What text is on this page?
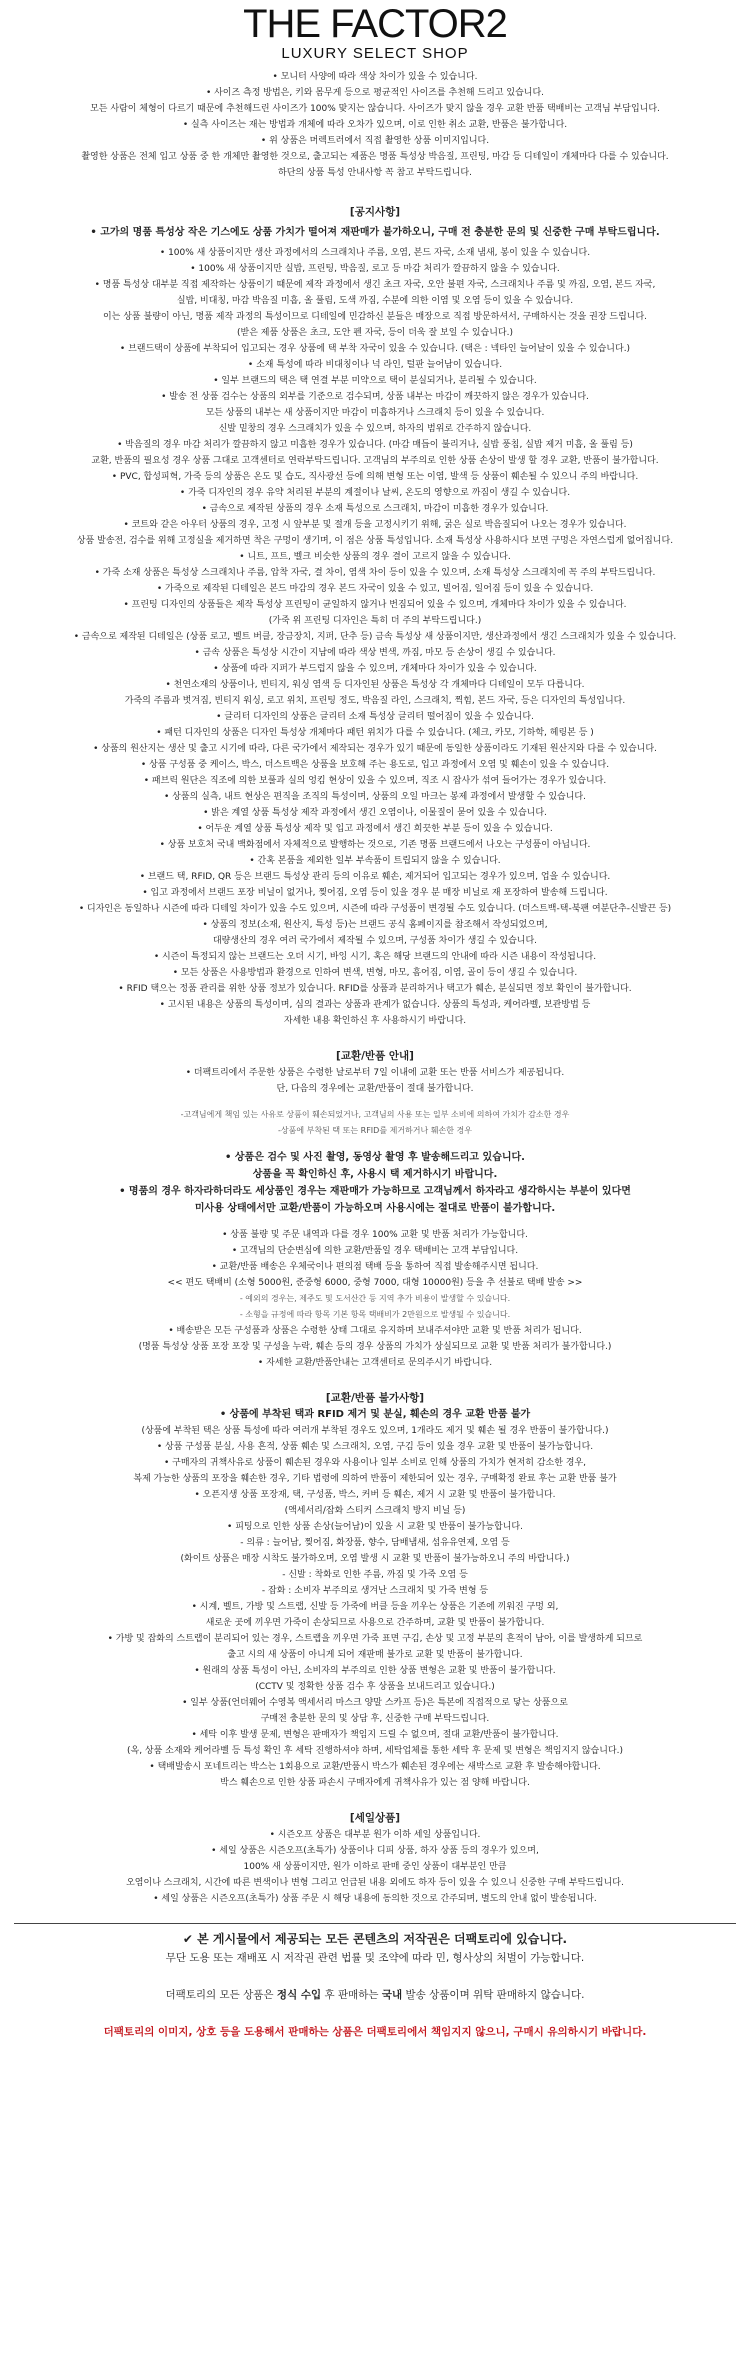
THE FACTOR2
LUXURY SELECT SHOP
• 모니터 사양에 따라 색상 차이가 있을 수 있습니다.
• 사이즈 측정 방법은, 키와 몸무게 등으로 평균적인 사이즈를 추천해 드리고 있습니다.
모든 사람이 체형이 다르기 때문에 추천해드린 사이즈가 100% 맞지는 않습니다. 사이즈가 맞지 않을 경우 교환 반품 택배비는 고객님 부담입니다.
• 실측 사이즈는 재는 방법과 개체에 따라 오차가 있으며, 이로 인한 취소 교환, 반품은 불가합니다.
• 위 상품은 머렉트러에서 직접 촬영한 상품 이미지입니다.
촬영한 상품은 전체 입고 상품 중 한 개체만 촬영한 것으로, 출고되는 제품은 명품 특성상 박음질, 프린팅, 마감 등 디테일이 개체마다 다를 수 있습니다.
하단의 상품 특성 안내사항 꼭 참고 부탁드립니다.
[공지사항]
• 고가의 명품 특성상 작은 기스에도 상품 가치가 떨어져 재판매가 불가하오니, 구매 전 충분한 문의 및 신중한 구매 부탁드립니다.
• 100% 새 상품이지만 생산 과정에서의 스크래치나 주름, 오염, 본드 자국, 소재 냄새, 봉이 있을 수 있습니다.
• 100% 새 상품이지만 실밥, 프린팅, 박음질, 로고 등 마감 처리가 깔끔하지 않을 수 있습니다.
• 명품 특성상 대부분 직접 제작하는 상품이기 때문에 제작 과정에서 생긴 초크 자국, 오안 불편 자국, 스크래치나 주름 및 까짐, 오염, 본드 자국,
실밥, 비대칭, 마감 박음질 미흡, 올 풀림, 도색 까짐, 수분에 의한 이염 및 오염 등이 있을 수 있습니다.
이는 상품 불량이 아닌, 명품 제작 과정의 특성이므로 디테일에 민감하신 분들은 매장으로 직접 방문하셔서, 구매하시는 것을 권장 드립니다.
(받은 제품 상품은 초크, 도안 펜 자국, 등이 더욱 잘 보일 수 있습니다.)
• 브랜드택이 상품에 부착되어 입고되는 경우 상품에 택 부착 자국이 있을 수 있습니다. (택은 : 넥타인 늘어날이 있을 수 있습니다.)
• 소재 특성에 따라 비대칭이나 넉 라인, 털판 늘어남이 있습니다.
• 일부 브랜드의 택은 택 연결 부분 미약으로 택이 분실되거나, 분리될 수 있습니다.
• 발송 전 상품 검수는 상품의 외부를 기준으로 검수되며, 상품 내부는 마감이 깨끗하지 않은 경우가 있습니다.
모든 상품의 내부는 새 상품이지만 마감이 미흡하거나 스크래치 등이 있을 수 있습니다.
신발 밑창의 경우 스크래치가 있을 수 있으며, 하자의 범위로 간주하지 않습니다.
• 박음질의 경우 마감 처리가 깔끔하지 않고 미흡한 경우가 있습니다. (마감 매듭이 불리거나, 실밥 풍침, 실밥 제거 미흡, 올 풀림 등)
교환, 반품의 필요성 경우 상품 그대로 고객센터로 연락부탁드립니다. 고객님의 부주의로 인한 상품 손상이 발생 할 경우 교환, 반품이 불가합니다.
• PVC, 합성피혁, 가죽 등의 상품은 온도 및 습도, 직사광선 등에 의해 변형 또는 이염, 발색 등 상품이 훼손될 수 있으니 주의 바랍니다.
• 가죽 디자인의 경우 유약 처리된 부분의 계절이나 날씨, 온도의 영향으로 까짐이 생길 수 있습니다.
• 금속으로 제작된 상품의 경우 소재 특성으로 스크래치, 마감이 미흡한 경우가 있습니다.
• 코트와 같은 아우터 상품의 경우, 고정 시 앞부분 및 절개 등을 고정시키기 위해, 굵은 실로 박음질되어 나오는 경우가 있습니다.
상품 발송전, 검수를 위해 고정실을 제거하면 착은 구멍이 생기며, 이 점은 상품 특성입니다. 소재 특성상 사용하시다 보면 구멍은 자연스럽게 없어집니다.
• 니트, 프트, 벨크 비슷한 상품의 경우 결이 고르지 않을 수 있습니다.
• 가죽 소재 상품은 특성상 스크래치나 주름, 압착 자국, 결 차이, 염색 차이 등이 있을 수 있으며, 소재 특성상 스크래치에 꼭 주의 부탁드립니다.
• 가죽으로 제작된 디테일은 본드 마감의 경우 본드 자국이 있을 수 있고, 빌어짐, 일어짐 등이 있을 수 있습니다.
• 프린팅 디자인의 상품들은 제작 특성상 프린팅이 균일하지 않거나 번짐되어 있을 수 있으며, 개체마다 차이가 있을 수 있습니다.
(가죽 위 프린팅 디자인은 특히 더 주의 부탁드립니다.)
• 금속으로 제작된 디테일은 (상품 로고, 벨트 버클, 장금장치, 지퍼, 단추 등) 금속 특성상 새 상품이지만, 생산과정에서 생긴 스크래치가 있을 수 있습니다.
• 금속 상품은 특성상 시간이 지남에 따라 색상 변색, 까짐, 마모 등 손상이 생길 수 있습니다.
• 상품에 따라 지퍼가 부드럽지 않을 수 있으며, 개체마다 차이가 있을 수 있습니다.
• 천연소재의 상품이나, 빈티지, 워싱 염색 등 디자인된 상품은 특성상 각 개체마다 디테일이 모두 다릅니다.
가죽의 주름과 벗겨짐, 빈티지 워싱, 로고 위치, 프린팅 정도, 박음질 라인, 스크래치, 찍힘, 본드 자국, 등은 디자인의 특성입니다.
• 글리터 디자인의 상품은 글리터 소재 특성상 글리터 떨어짐이 있을 수 있습니다.
• 패턴 디자인의 상품은 디자인 특성상 개체마다 패턴 위치가 다를 수 있습니다. (체크, 카모, 기하학, 헤링본 등 )
• 상품의 원산지는 생산 및 출고 시기에 따라, 다른 국가에서 제작되는 경우가 있기 때문에 동일한 상품이라도 기재된 원산지와 다를 수 있습니다.
• 상품 구성품 중 케이스, 박스, 더스트백은 상품을 보호해 주는 용도로, 입고 과정에서 오염 및 훼손이 있을 수 있습니다.
• 패브릭 원단은 직조에 의한 보풀과 실의 엉킴 현상이 있을 수 있으며, 직조 시 잡사가 섞여 들어가는 경우가 있습니다.
• 상품의 실측, 내트 현상은 편직을 조직의 특성이며, 상품의 오일 마크는 봉제 과정에서 발생할 수 있습니다.
• 밝은 계열 상품 특성상 제작 과정에서 생긴 오염이나, 이물질이 묻어 있을 수 있습니다.
• 어두운 계열 상품 특성상 제작 및 입고 과정에서 생긴 희끗한 부분 등이 있을 수 있습니다.
• 상품 보호처 국내 백화점에서 자체적으로 발행하는 것으로, 기존 명품 브랜드에서 나오는 구성품이 아닙니다.
• 간혹 본품을 제외한 일부 부속품이 트립되지 않을 수 있습니다.
• 브랜드 택, RFID, QR 등은 브랜드 특성상 관리 등의 이유로 훼손, 제거되어 입고되는 경우가 있으며, 업을 수 있습니다.
• 입고 과정에서 브랜드 포장 비닐이 없거나, 찢어짐, 오염 등이 있을 경우 분 매장 비닐로 재 포장하여 발송해 드립니다.
• 디자인은 동일하나 시즌에 따라 디테일 차이가 있을 수도 있으며, 시즌에 따라 구성품이 변경될 수도 있습니다. (더스트백-택-북팬 여분단추-신발끈 등)
• 상품의 정보(소재, 원산지, 특성 등)는 브랜드 공식 홈페이지를 참조해서 작성되었으며,
대량생산의 경우 여러 국가에서 제작될 수 있으며, 구성품 차이가 생길 수 있습니다.
• 시즌이 특정되지 않는 브랜드는 오더 시기, 바잉 시기, 혹은 해당 브랜드의 안내에 따라 시즌 내용이 작성됩니다.
• 모든 상품은 사용방법과 환경으로 인하여 변색, 변형, 마모, 흠어짐, 이염, 골이 등이 생길 수 있습니다.
• RFID 택으는 정품 관리를 위한 상품 정보가 있습니다. RFID를 상품과 분리하거나 택고가 훼손, 분실되면 정보 확인이 불가합니다.
• 고시된 내용은 상품의 특성이며, 심의 결과는 상품과 관계가 없습니다. 상품의 특성과, 케어라벨, 보관방법 등
자세한 내용 확인하신 후 사용하시기 바랍니다.
[교환/반품 안내]
• 더팩트리에서 주문한 상품은 수령한 날로부터 7일 이내에 교환 또는 반품 서비스가 제공됩니다.
단, 다음의 경우에는 교환/반품이 절대 불가합니다.
-고객님에게 책임 있는 사유로 상품이 훼손되었거나, 고객님의 사용 또는 일부 소비에 의하여 가치가 감소한 경우
-상품에 부착된 택 또는 RFID를 제거하거나 훼손한 경우
• 상품은 검수 및 사진 촬영, 동영상 촬영 후 발송해드리고 있습니다.
상품을 꼭 확인하신 후, 사용시 택 제거하시기 바랍니다.
• 명품의 경우 하자라하더라도 세상품인 경우는 재판매가 가능하므로 고객님께서 하자라고 생각하시는 부분이 있다면
미사용 상태에서만 교환/반품이 가능하오며 사용시에는 절대로 반품이 불가합니다.
• 상품 불량 및 주문 내역과 다를 경우 100% 교환 및 반품 처리가 가능합니다.
• 고객님의 단순변심에 의한 교환/반품일 경우 택배비는 고객 부담입니다.
• 교환/반품 배송은 우체국이나 편의점 택배 등을 통하여 직접 발송해주시면 됩니다.
<< 편도 택배비 (소형 5000원, 준중형 6000, 중형 7000, 대형 10000원) 등을 추 선불로 택배 발송 >>
- 예외의 경우는, 제주도 및 도서산간 등 지역 추가 비용이 발생할 수 있습니다.
- 소형을 규정에 따라 항목 기본 항목 택배비가 2만원으로 발생될 수 있습니다.
• 배송받은 모든 구성품과 상품은 수령한 상태 그대로 유지하며 보내주셔야만 교환 및 반품 처리가 됩니다.
(명품 특성상 상품 포장 포장 및 구성을 누락, 훼손 등의 경우 상품의 가치가 상실되므로 교환 및 반품 처리가 불가합니다.)
• 자세한 교환/반품안내는 고객센터로 문의주시기 바랍니다.
[교환/반품 불가사항]
• 상품에 부착된 택과 RFID 제거 및 분실, 훼손의 경우 교환 반품 불가
(상품에 부착된 택은 상품 특성에 따라 여러개 부착된 경우도 있으며, 1개라도 제거 및 훼손 될 경우 반품이 불가합니다.)
• 상품 구성품 분실, 사용 흔적, 상품 훼손 및 스크래치, 오염, 구김 등이 있을 경우 교환 및 반품이 불가능합니다.
• 구매자의 귀책사유로 상품이 훼손된 경우와 사용이나 일부 소비로 인해 상품의 가치가 현저히 감소한 경우,
복제 가능한 상품의 포장을 훼손한 경우, 기타 법령에 의하여 반품이 제한되어 있는 경우, 구매확정 완료 후는 교환 반품 불가
• 오픈지생 상품 포장재, 택, 구성품, 박스, 커버 등 훼손, 제거 시 교환 및 반품이 불가합니다.
(액세서리/잡화 스티커 스크래치 방지 비닐 등)
• 피팅으로 인한 상품 손상(늘어남)이 있을 시 교환 및 반품이 불가능합니다.
- 의류 : 늘어남, 찢어짐, 화장품, 향수, 담배냄새, 섬유유연제, 오염 등
(화이트 상품은 매장 시착도 불가하오며, 오염 발생 시 교환 및 반품이 불가능하오니 주의 바랍니다.)
- 신발 : 착화로 인한 주름, 까짐 및 가죽 오염 등
- 잡화 : 소비자 부주의로 생겨난 스크래치 및 가죽 변형 등
• 시계, 벨트, 가방 및 스트랩, 신발 등 가죽에 버클 등을 끼우는 상품은 기존에 끼워진 구멍 외,
새로운 곳에 끼우면 가죽이 손상되므로 사용으로 간주하며, 교환 및 반품이 불가합니다.
• 가방 및 잡화의 스트랩이 분리되어 있는 경우, 스트랩을 끼우면 가죽 표면 구김, 손상 및 고정 부분의 흔적이 남아, 이를 발생하게 되므로
출고 시의 새 상품이 아니게 되어 재판매 불가로 교환 및 반품이 불가합니다.
• 원래의 상품 특성이 아닌, 소비자의 부주의로 인한 상품 변형은 교환 및 반품이 불가합니다.
(CCTV 및 정확한 상품 검수 후 상품을 보내드리고 있습니다.)
• 일부 상품(언더웨어 수영복 액세서리 마스크 양말 스카프 등)은 특본에 직접적으로 닿는 상품으로
구매전 충분한 문의 및 상담 후, 신중한 구매 부탁드립니다.
• 세탁 이후 발생 문제, 변형은 판매자가 책임지 드릴 수 없으며, 절대 교환/반품이 불가합니다.
(옥, 상품 소재와 케어라벨 등 특성 확인 후 세탁 진행하셔야 하며, 세탁업체를 통한 세탁 후 문제 및 변형은 책임지지 않습니다.)
• 택배발송시 포네트리는 박스는 1회용으로 교환/반품시 박스가 훼손된 경우에는 새박스로 교환 후 발송해야합니다.
박스 훼손으로 인한 상품 파손시 구매자에게 귀책사유가 있는 점 양해 바랍니다.
[세일상품]
• 시즌오프 상품은 대부분 원가 이하 세일 상품입니다.
• 세일 상품은 시즌오프(초특가) 상품이나 디피 상품, 하자 상품 등의 경우가 있으며,
100% 새 상품이지만, 원가 이하로 판매 중인 상품이 대부분인 만큼
오염이나 스크래치, 시간에 따른 변색이나 변형 그리고 언급된 내용 외에도 하자 등이 있을 수 있으니 신중한 구매 부탁드립니다.
• 세일 상품은 시즌오프(초특가) 상품 주문 시 해당 내용에 동의한 것으로 간주되며, 별도의 안내 없이 발송됩니다.
✔ 본 게시물에서 제공되는 모든 콘텐츠의 저작권은 더팩토리에 있습니다.
무단 도용 또는 재배포 시 저작권 관련 법률 및 조약에 따라 민, 형사상의 처벌이 가능합니다.
더팩토리의 모든 상품은 정식 수입 후 판매하는 국내 발송 상품이며 위탁 판매하지 않습니다.
더팩토리의 이미지, 상호 등을 도용해서 판매하는 상품은 더팩토리에서 책임지지 않으니, 구매시 유의하시기 바랍니다.
